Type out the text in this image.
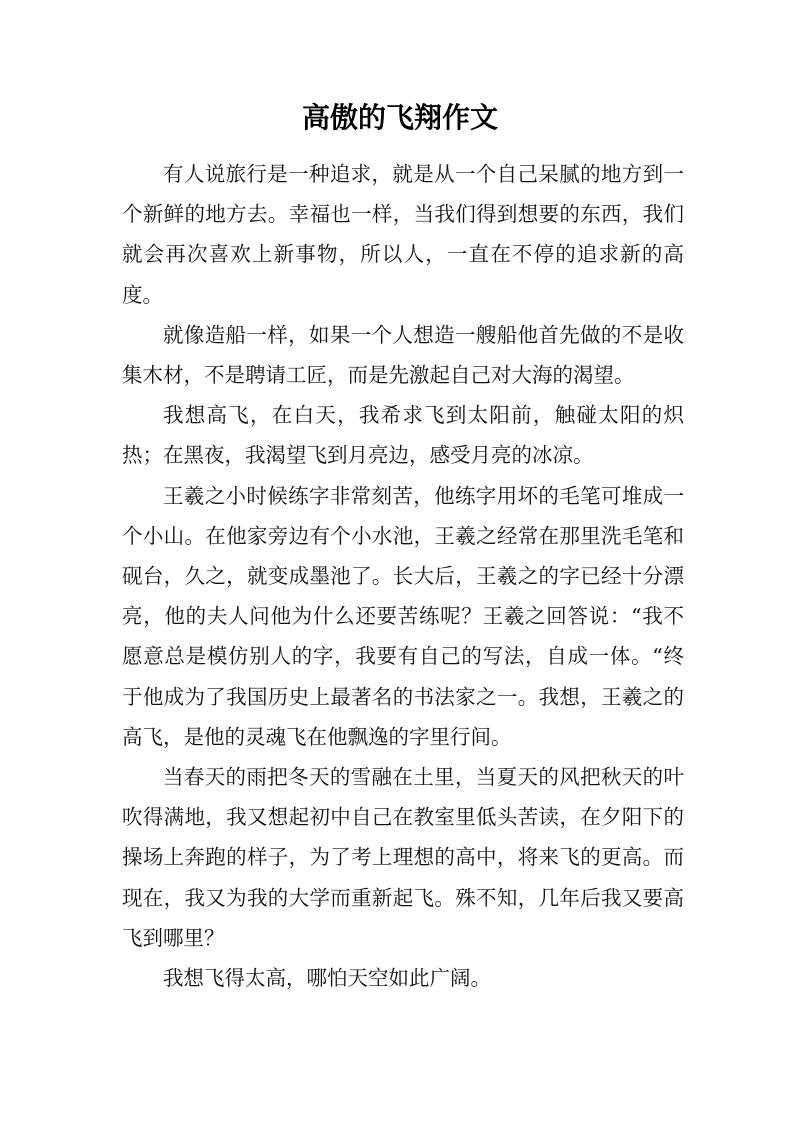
高傲的飞翔作文

有人说旅行是一种追求，就是从一个自己呆腻的地方到一个新鲜的地方去。幸福也一样，当我们得到想要的东西，我们就会再次喜欢上新事物，所以人，一直在不停的追求新的高度。

就像造船一样，如果一个人想造一艘船他首先做的不是收集木材，不是聘请工匠，而是先激起自己对大海的渴望。

我想高飞，在白天，我希求飞到太阳前，触碰太阳的炽热；在黑夜，我渴望飞到月亮边，感受月亮的冰凉。

王羲之小时候练字非常刻苦，他练字用坏的毛笔可堆成一个小山。在他家旁边有个小水池，王羲之经常在那里洗毛笔和砚台，久之，就变成墨池了。长大后，王羲之的字已经十分漂亮，他的夫人问他为什么还要苦练呢？王羲之回答说：“我不愿意总是模仿别人的字，我要有自己的写法，自成一体。“终于他成为了我国历史上最著名的书法家之一。我想，王羲之的高飞，是他的灵魂飞在他飘逸的字里行间。

当春天的雨把冬天的雪融在土里，当夏天的风把秋天的叶吹得满地，我又想起初中自己在教室里低头苦读，在夕阳下的操场上奔跑的样子，为了考上理想的高中，将来飞的更高。而现在，我又为我的大学而重新起飞。殊不知，几年后我又要高飞到哪里？

我想飞得太高，哪怕天空如此广阔。
